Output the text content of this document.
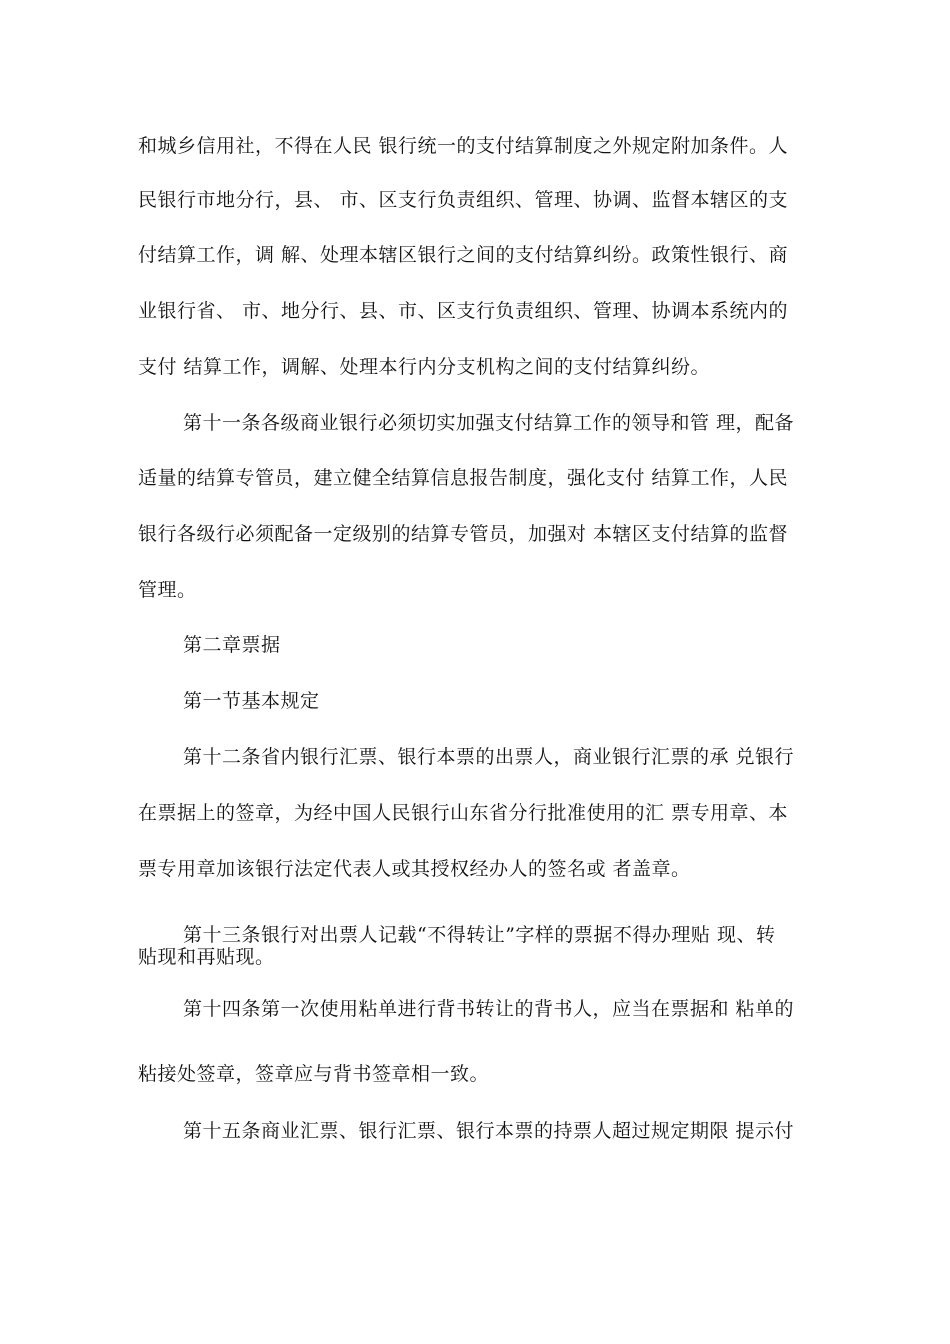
和城乡信用社，不得在人民 银行统一的支付结算制度之外规定附加条件。人
民银行市地分行，县、 市、区支行负责组织、管理、协调、监督本辖区的支
付结算工作，调 解、处理本辖区银行之间的支付结算纠纷。政策性银行、商
业银行省、 市、地分行、县、市、区支行负责组织、管理、协调本系统内的
支付 结算工作，调解、处理本行内分支机构之间的支付结算纠纷。
第十一条各级商业银行必须切实加强支付结算工作的领导和管 理，配备
适量的结算专管员，建立健全结算信息报告制度，强化支付 结算工作，人民
银行各级行必须配备一定级别的结算专管员，加强对 本辖区支付结算的监督
管理。
第二章票据
第一节基本规定
第十二条省内银行汇票、银行本票的出票人，商业银行汇票的承 兑银行
在票据上的签章，为经中国人民银行山东省分行批准使用的汇 票专用章、本
票专用章加该银行法定代表人或其授权经办人的签名或 者盖章。
第十三条银行对出票人记载“不得转让”字样的票据不得办理贴 现、转
贴现和再贴现。
第十四条第一次使用粘单进行背书转让的背书人，应当在票据和 粘单的
粘接处签章，签章应与背书签章相一致。
第十五条商业汇票、银行汇票、银行本票的持票人超过规定期限 提示付
